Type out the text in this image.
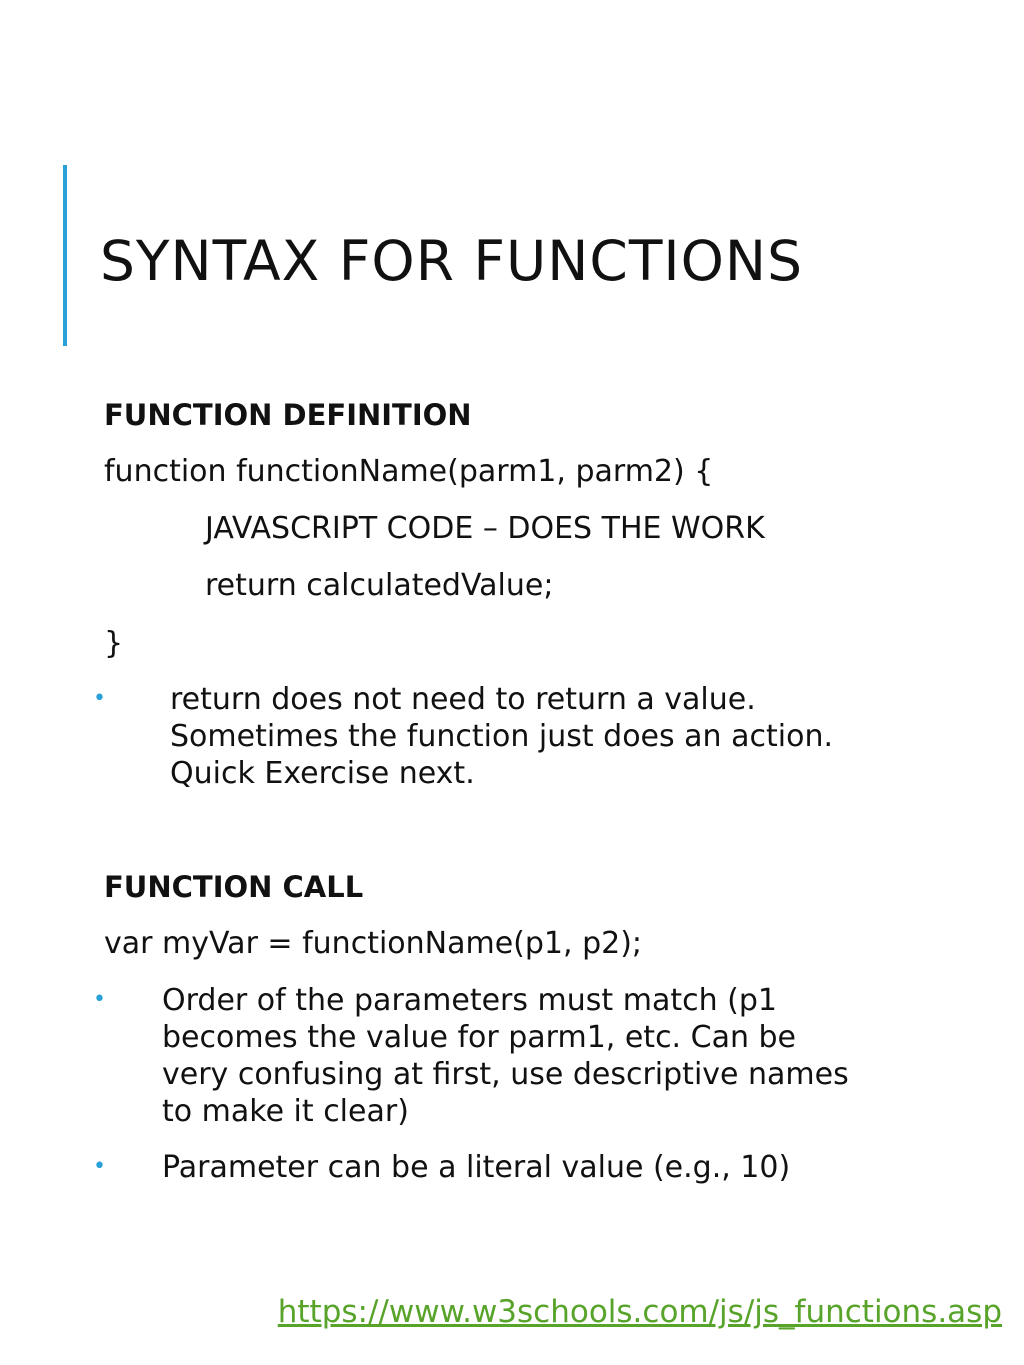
SYNTAX FOR FUNCTIONS

FUNCTION DEFINITION

function functionName(parm1, parm2) {

JAVASCRIPT CODE – DOES THE WORK

return calculatedValue;

}

• return does not need to return a value.

Sometimes the function just does an action.

Quick Exercise next.

FUNCTION CALL

var myVar = functionName(p1, p2);

• Order of the parameters must match (p1

becomes the value for parm1, etc. Can be

very confusing at first, use descriptive names

to make it clear)

• Parameter can be a literal value (e.g., 10)

https://www.w3schools.com/js/js_functions.asp
